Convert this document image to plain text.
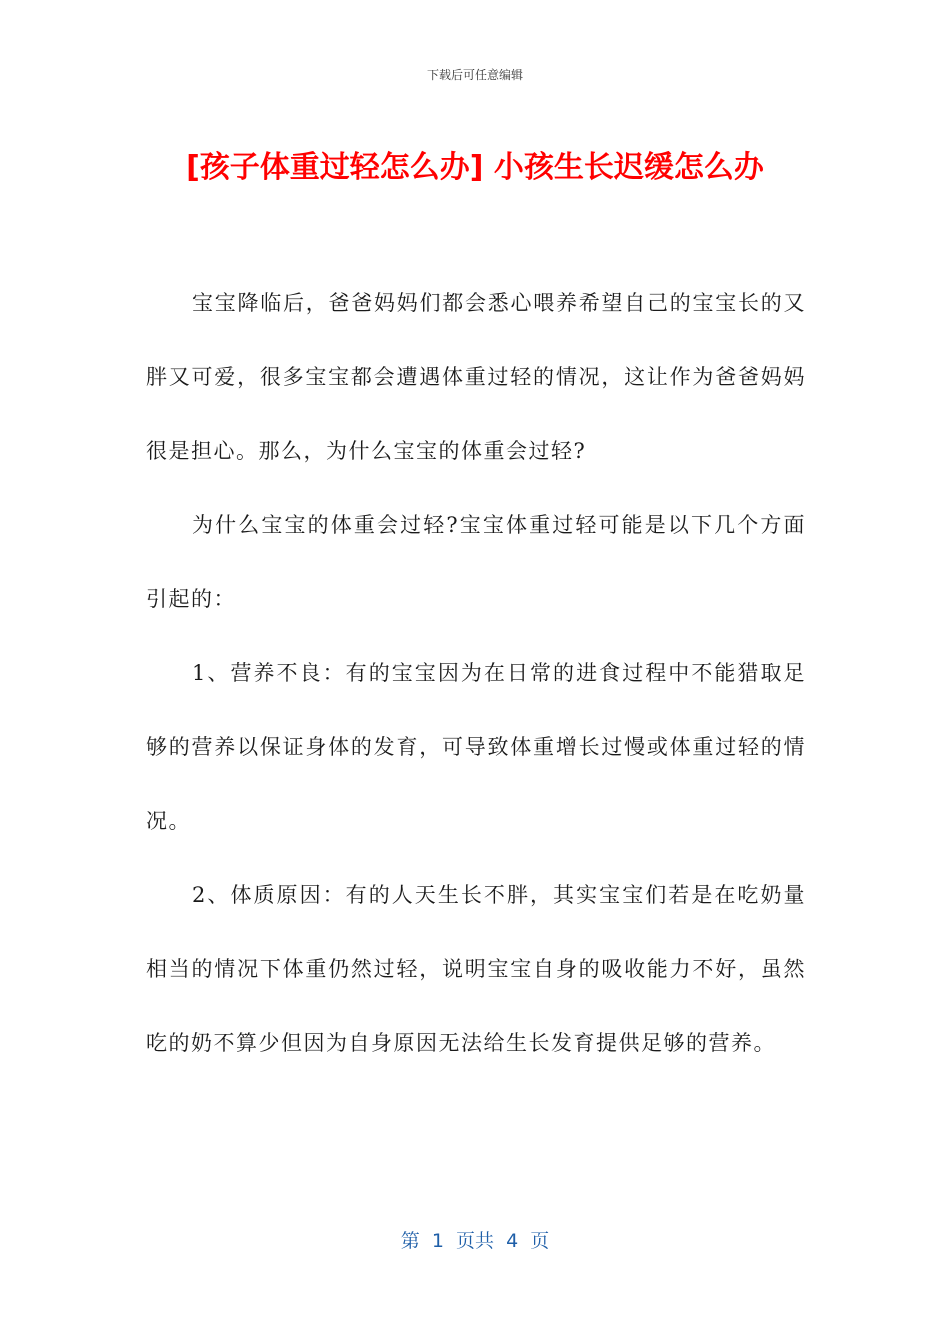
下载后可任意编辑
[孩子体重过轻怎么办] 小孩生长迟缓怎么办

宝宝降临后，爸爸妈妈们都会悉心喂养希望自己的宝宝长的又胖又可爱，很多宝宝都会遭遇体重过轻的情况，这让作为爸爸妈妈很是担心。那么，为什么宝宝的体重会过轻?

为什么宝宝的体重会过轻?宝宝体重过轻可能是以下几个方面引起的：

1、营养不良：有的宝宝因为在日常的进食过程中不能猎取足够的营养以保证身体的发育，可导致体重增长过慢或体重过轻的情况。

2、体质原因：有的人天生长不胖，其实宝宝们若是在吃奶量相当的情况下体重仍然过轻，说明宝宝自身的吸收能力不好，虽然吃的奶不算少但因为自身原因无法给生长发育提供足够的营养。

第  1  页共  4  页
